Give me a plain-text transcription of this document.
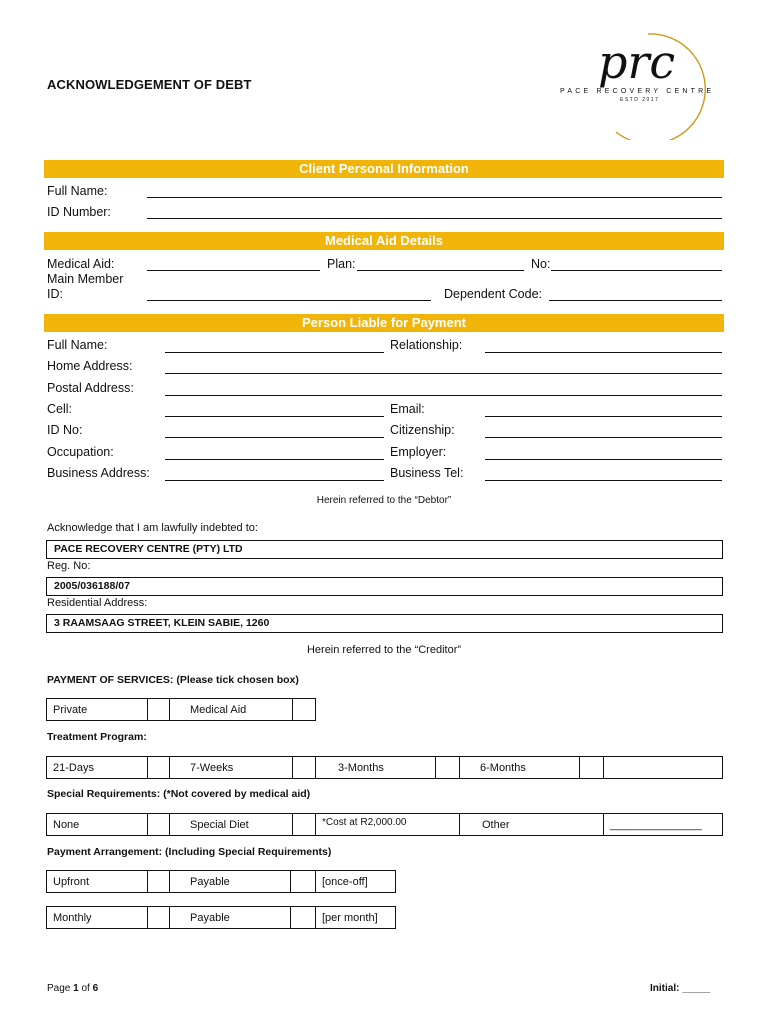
ACKNOWLEDGEMENT OF DEBT	prc
PACE RECOVERY CENTRE
ESTD 2017
Client Personal Information
Full Name:
ID Number:
Medical Aid Details
Medical Aid:	Plan:	No:
Main Member
ID:	Dependent Code:
Person Liable for Payment
Full Name:	Relationship:
Home Address:
Postal Address:
Cell:	Email:
ID No:	Citizenship:
Occupation:	Employer:
Business Address:	Business Tel:
Herein referred to the “Debtor”
Acknowledge that I am lawfully indebted to:
PACE RECOVERY CENTRE (PTY) LTD
Reg. No:
2005/036188/07
Residential Address:
3 RAAMSAAG STREET, KLEIN SABIE, 1260
Herein referred to the “Creditor”
PAYMENT OF SERVICES: (Please tick chosen box)
Private		Medical Aid	
Treatment Program:
21-Days		7-Weeks		3-Months		6-Months		
Special Requirements: (*Not covered by medical aid)
None		Special Diet		*Cost at R2,000.00	Other	_______________
Payment Arrangement: (Including Special Requirements)
Upfront		Payable		[once-off]
Monthly		Payable		[per month]
Page 1 of 6	Initial: _____
